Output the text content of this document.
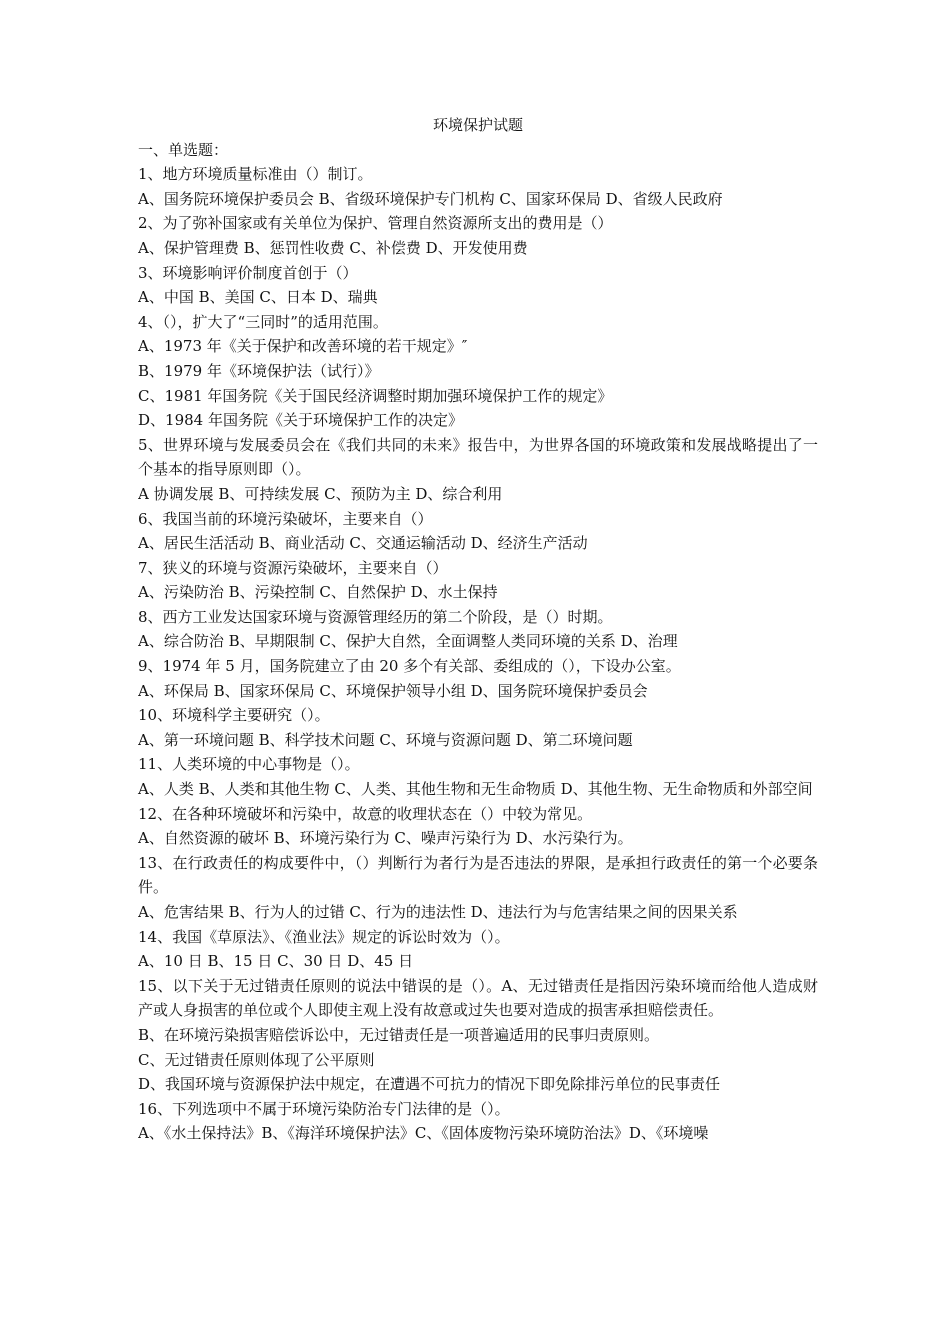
环境保护试题

一、单选题：

1、地方环境质量标准由（）制订。

A、国务院环境保护委员会 B、省级环境保护专门机构 C、国家环保局 D、省级人民政府

2、为了弥补国家或有关单位为保护、管理自然资源所支出的费用是（）

A、保护管理费 B、惩罚性收费 C、补偿费 D、开发使用费

3、环境影响评价制度首创于（）

A、中国 B、美国 C、日本 D、瑞典

4、（），扩大了“三同时”的适用范围。

A、1973 年《关于保护和改善环境的若干规定》″

B、1979 年《环境保护法（试行）》

C、1981 年国务院《关于国民经济调整时期加强环境保护工作的规定》

D、1984 年国务院《关于环境保护工作的决定》

5、世界环境与发展委员会在《我们共同的未来》报告中，为世界各国的环境政策和发展战略提出了一个基本的指导原则即（）。

A 协调发展 B、可持续发展 C、预防为主 D、综合利用

6、我国当前的环境污染破坏，主要来自（）

A、居民生活活动 B、商业活动 C、交通运输活动 D、经济生产活动

7、狭义的环境与资源污染破坏，主要来自（）

A、污染防治 B、污染控制 C、自然保护 D、水土保持

8、西方工业发达国家环境与资源管理经历的第二个阶段，是（）时期。

A、综合防治 B、早期限制 C、保护大自然，全面调整人类同环境的关系 D、治理

9、1974 年 5 月，国务院建立了由 20 多个有关部、委组成的（），下设办公室。

A、环保局 B、国家环保局 C、环境保护领导小组 D、国务院环境保护委员会

10、环境科学主要研究（）。

A、第一环境问题 B、科学技术问题 C、环境与资源问题 D、第二环境问题

11、人类环境的中心事物是（）。

A、人类 B、人类和其他生物 C、人类、其他生物和无生命物质 D、其他生物、无生命物质和外部空间

12、在各种环境破坏和污染中，故意的收理状态在（）中较为常见。

A、自然资源的破坏 B、环境污染行为 C、噪声污染行为 D、水污染行为。

13、在行政责任的构成要件中，（）判断行为者行为是否违法的界限，是承担行政责任的第一个必要条件。

A、危害结果 B、行为人的过错 C、行为的违法性 D、违法行为与危害结果之间的因果关系

14、我国《草原法》、《渔业法》规定的诉讼时效为（）。

A、10 日 B、15 日 C、30 日 D、45 日

15、以下关于无过错责任原则的说法中错误的是（）。A、无过错责任是指因污染环境而给他人造成财产或人身损害的单位或个人即使主观上没有故意或过失也要对造成的损害承担赔偿责任。

B、在环境污染损害赔偿诉讼中，无过错责任是一项普遍适用的民事归责原则。

C、无过错责任原则体现了公平原则

D、我国环境与资源保护法中规定，在遭遇不可抗力的情况下即免除排污单位的民事责任

16、下列选项中不属于环境污染防治专门法律的是（）。

A、《水土保持法》B、《海洋环境保护法》C、《固体废物污染环境防治法》D、《环境噪
